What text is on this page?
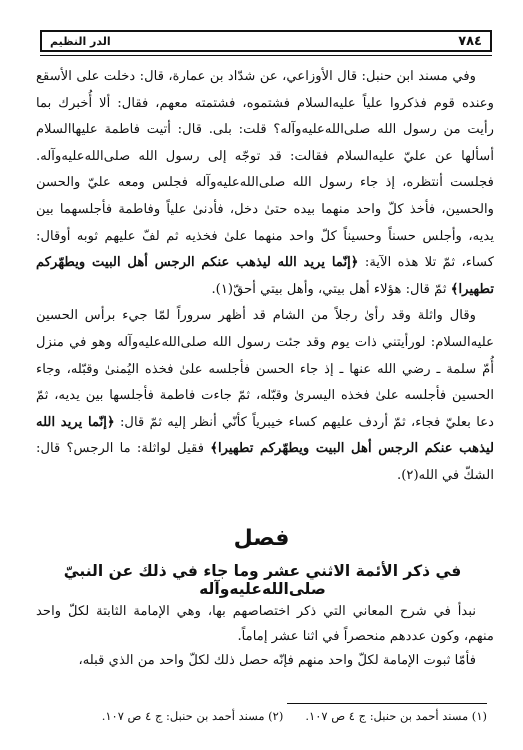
٧٨٤
الدر النظيم

وفي مسند ابن حنبل: قال الأوزاعي، عن شدّاد بن عمارة، قال: دخلت على الأسقع وعنده قوم فذكروا علياً عليه‌السلام فشتموه، فشتمته معهم، فقال: ألا أُخبرك بما رأيت من رسول الله صلى‌الله‌عليه‌وآله؟ قلت: بلى. قال: أتيت فاطمة عليها‌السلام أسألها عن عليّ عليه‌السلام فقالت: قد توجّه إلى رسول الله صلى‌الله‌عليه‌وآله. فجلست أنتظره، إذ جاء رسول الله صلى‌الله‌عليه‌وآله فجلس ومعه عليّ والحسن والحسين، فأخذ كلّ واحد منهما بيده حتىٰ دخل، فأدنىٰ علياً وفاطمة فأجلسهما بين يديه، وأجلس حسناً وحسيناً كلّ واحد منهما علىٰ فخذيه ثم لفّ عليهم ثوبه أوقال: كساء، ثمّ تلا هذه الآية: ﴿إنّما يريد الله ليذهب عنكم الرجس أهل البيت ويطهّركم تطهيرا﴾ ثمّ قال: هؤلاء أهل بيتي، وأهل بيتي أحقّ(١).

وقال واثلة وقد رأىٰ رجلاً من الشام قد أظهر سروراً لمّا جيء برأس الحسين عليه‌السلام: لورأيتني ذات يوم وقد جئت رسول الله صلى‌الله‌عليه‌وآله وهو في منزل أُمّ سلمة ـ رضي الله عنها ـ إذ جاء الحسن فأجلسه علىٰ فخذه اليُمنىٰ وقبّله، وجاء الحسين فأجلسه علىٰ فخذه اليسرىٰ وقبّله، ثمّ جاءت فاطمة فأجلسها بين يديه، ثمّ دعا بعليّ فجاء، ثمّ أردف عليهم كساء خيبرياً كأنّي أنظر إليه ثمّ قال: ﴿إنّما يريد الله ليذهب عنكم الرجس أهل البيت ويطهّركم تطهيرا﴾ فقيل لواثلة: ما الرجس؟ قال: الشكّ في الله(٢).

فصل
في ذكر الأئمة الاثني عشر وما جاء في ذلك عن النبيّ صلى‌الله‌عليه‌وآله

نبدأ في شرح المعاني التي ذكر اختصاصهم بها، وهي الإمامة الثابتة لكلّ واحد منهم، وكون عددهم منحصراً في اثنا عشر إماماً.

فأمّا ثبوت الإمامة لكلّ واحد منهم فإنّه حصل ذلك لكلّ واحد من الذي قبله،

(١) مسند أحمد بن حنبل: ج ٤ ص ١٠٧.
(٢) مسند أحمد بن حنبل: ج ٤ ص ١٠٧.
